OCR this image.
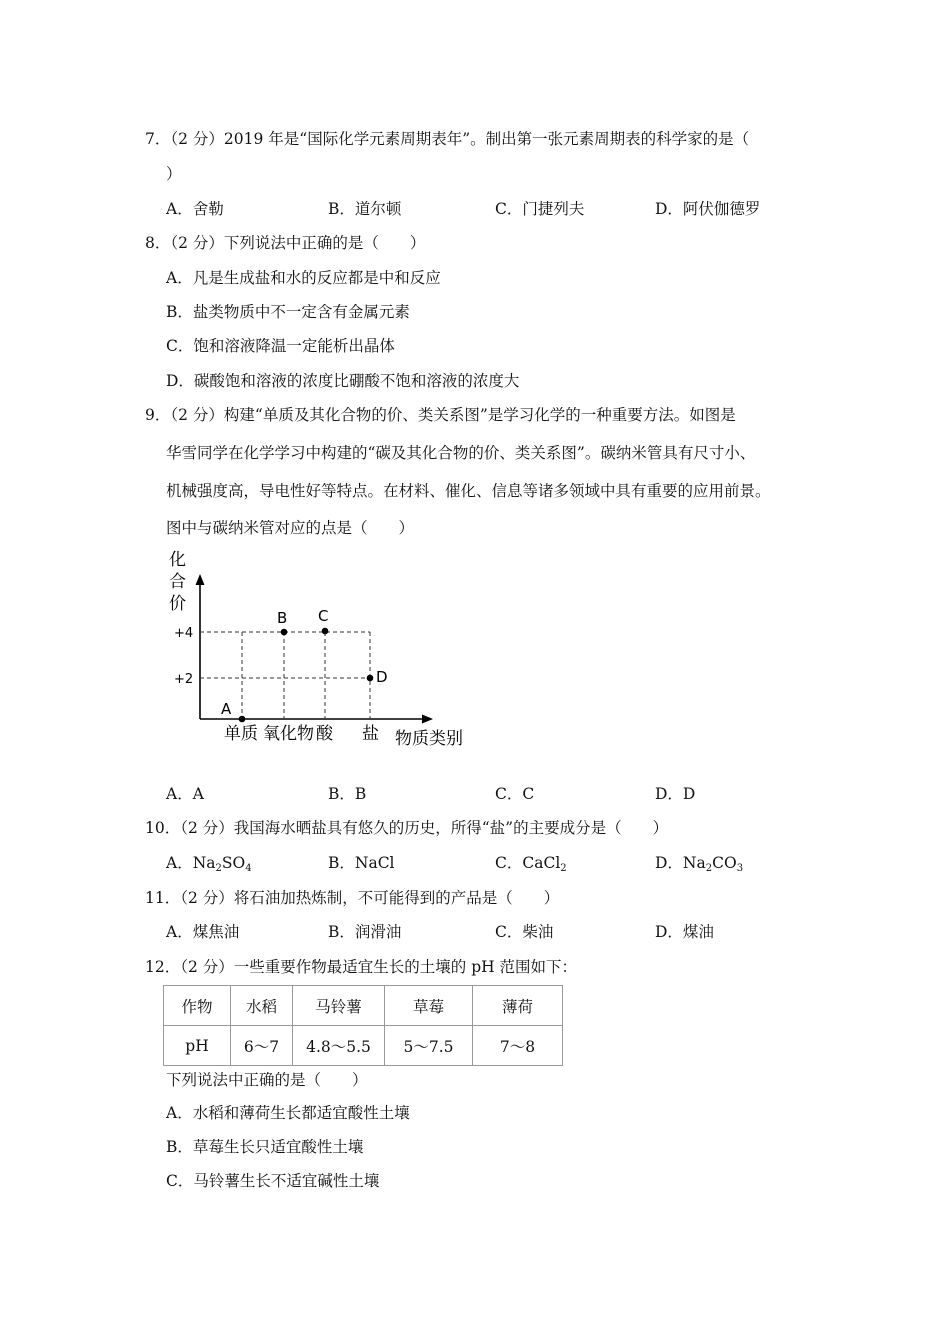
7．（2 分）2019 年是“国际化学元素周期表年”。制出第一张元素周期表的科学家的是（
）
A．舍勒	B．道尔顿	C．门捷列夫	D．阿伏伽德罗
8．（2 分）下列说法中正确的是（　　）
A．凡是生成盐和水的反应都是中和反应
B．盐类物质中不一定含有金属元素
C．饱和溶液降温一定能析出晶体
D．碳酸饱和溶液的浓度比硼酸不饱和溶液的浓度大
9．（2 分）构建“单质及其化合物的价、类关系图”是学习化学的一种重要方法。如图是
华雪同学在化学学习中构建的“碳及其化合物的价、类关系图”。碳纳米管具有尺寸小、
机械强度高，导电性好等特点。在材料、催化、信息等诸多领域中具有重要的应用前景。
图中与碳纳米管对应的点是（　　）
化
合
价
+4
+2
A
B C
D
单质 氧化物 酸 盐 物质类别
A．A	B．B	C．C	D．D
10．（2 分）我国海水晒盐具有悠久的历史，所得“盐”的主要成分是（　　）
A．$Na_2SO_4$	B．NaCl	C．CaCl$_2$	D．$Na_2CO_3$
11．（2 分）将石油加热炼制，不可能得到的产品是（　　）
A．煤焦油	B．润滑油	C．柴油	D．煤油
12．（2 分）一些重要作物最适宜生长的土壤的 pH 范围如下：
作物	水稻	马铃薯	草莓	薄荷
pH	6～7	4.8～5.5	5～7.5	7～8
下列说法中正确的是（　　）
A．水稻和薄荷生长都适宜酸性土壤
B．草莓生长只适宜酸性土壤
C．马铃薯生长不适宜碱性土壤
